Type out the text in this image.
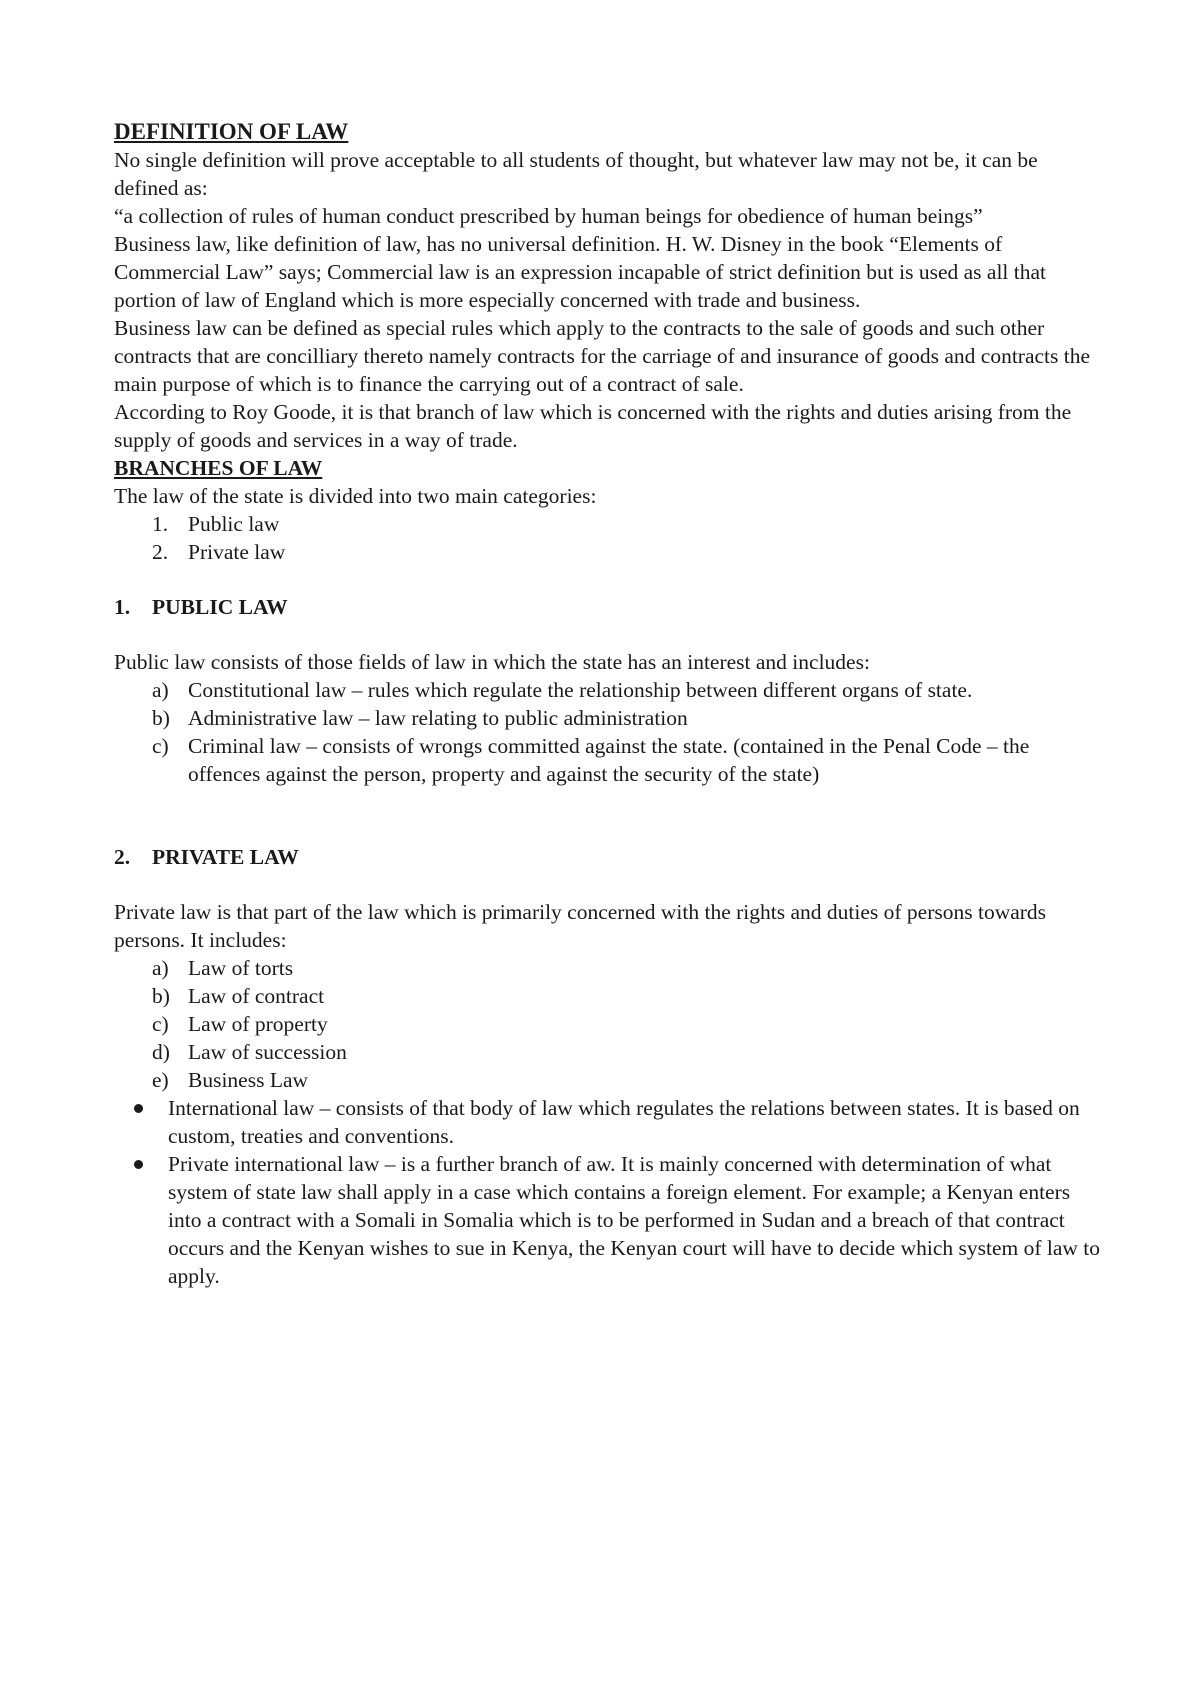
DEFINITION OF LAW

No single definition will prove acceptable to all students of thought, but whatever law may not be, it can be defined as:

“a collection of rules of human conduct prescribed by human beings for obedience of human beings”

Business law, like definition of law, has no universal definition. H. W. Disney in the book “Elements of Commercial Law” says; Commercial law is an expression incapable of strict definition but is used as all that portion of law of England which is more especially concerned with trade and business.

Business law can be defined as special rules which apply to the contracts to the sale of goods and such other contracts that are concilliary thereto namely contracts for the carriage of and insurance of goods and contracts the main purpose of which is to finance the carrying out of a contract of sale.

According to Roy Goode, it is that branch of law which is concerned with the rights and duties arising from the supply of goods and services in a way of trade.

BRANCHES OF LAW

The law of the state is divided into two main categories:

1. Public law
2. Private law

1. PUBLIC LAW

Public law consists of those fields of law in which the state has an interest and includes:

a) Constitutional law – rules which regulate the relationship between different organs of state.
b) Administrative law – law relating to public administration
c) Criminal law – consists of wrongs committed against the state. (contained in the Penal Code – the offences against the person, property and against the security of the state)

2. PRIVATE LAW

Private law is that part of the law which is primarily concerned with the rights and duties of persons towards persons. It includes:

a) Law of torts
b) Law of contract
c) Law of property
d) Law of succession
e) Business Law
International law – consists of that body of law which regulates the relations between states. It is based on custom, treaties and conventions.
Private international law – is a further branch of aw. It is mainly concerned with determination of what system of state law shall apply in a case which contains a foreign element. For example; a Kenyan enters into a contract with a Somali in Somalia which is to be performed in Sudan and a breach of that contract occurs and the Kenyan wishes to sue in Kenya, the Kenyan court will have to decide which system of law to apply.
